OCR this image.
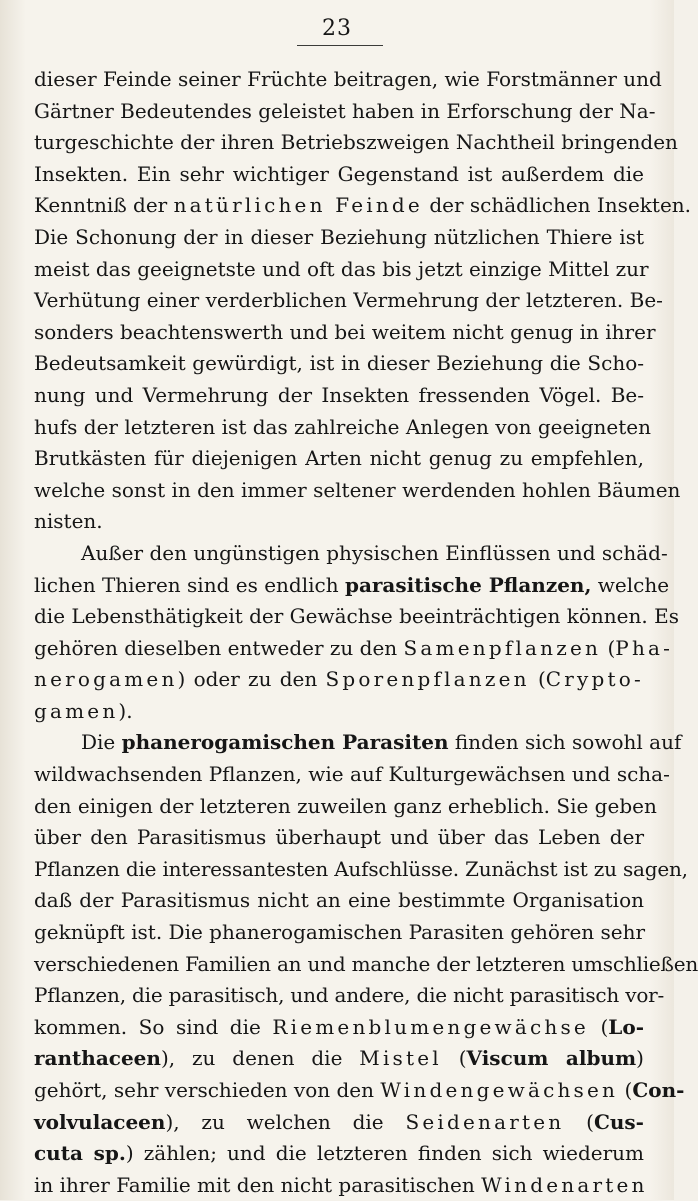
23
dieser Feinde seiner Früchte beitragen, wie Forstmänner und
Gärtner Bedeutendes geleistet haben in Erforschung der Na-
turgeschichte der ihren Betriebszweigen Nachtheil bringenden
Insekten. Ein sehr wichtiger Gegenstand ist außerdem die
Kenntniß der natürlichen Feinde der schädlichen Insekten.
Die Schonung der in dieser Beziehung nützlichen Thiere ist
meist das geeignetste und oft das bis jetzt einzige Mittel zur
Verhütung einer verderblichen Vermehrung der letzteren. Be-
sonders beachtenswerth und bei weitem nicht genug in ihrer
Bedeutsamkeit gewürdigt, ist in dieser Beziehung die Scho-
nung und Vermehrung der Insekten fressenden Vögel. Be-
hufs der letzteren ist das zahlreiche Anlegen von geeigneten
Brutkästen für diejenigen Arten nicht genug zu empfehlen,
welche sonst in den immer seltener werdenden hohlen Bäumen
nisten.
Außer den ungünstigen physischen Einflüssen und schäd-
lichen Thieren sind es endlich parasitische Pflanzen, welche
die Lebensthätigkeit der Gewächse beeinträchtigen können. Es
gehören dieselben entweder zu den Samenpflanzen (Pha-
nerogamen) oder zu den Sporenpflanzen (Crypto-
gamen).
Die phanerogamischen Parasiten finden sich sowohl auf
wildwachsenden Pflanzen, wie auf Kulturgewächsen und scha-
den einigen der letzteren zuweilen ganz erheblich. Sie geben
über den Parasitismus überhaupt und über das Leben der
Pflanzen die interessantesten Aufschlüsse. Zunächst ist zu sagen,
daß der Parasitismus nicht an eine bestimmte Organisation
geknüpft ist. Die phanerogamischen Parasiten gehören sehr
verschiedenen Familien an und manche der letzteren umschließen
Pflanzen, die parasitisch, und andere, die nicht parasitisch vor-
kommen. So sind die Riemenblumengewächse (Lo-
ranthaceen), zu denen die Mistel (Viscum album)
gehört, sehr verschieden von den Windengewächsen (Con-
volvulaceen), zu welchen die Seidenarten (Cus-
cuta sp.) zählen; und die letzteren finden sich wiederum
in ihrer Familie mit den nicht parasitischen Windenarten
